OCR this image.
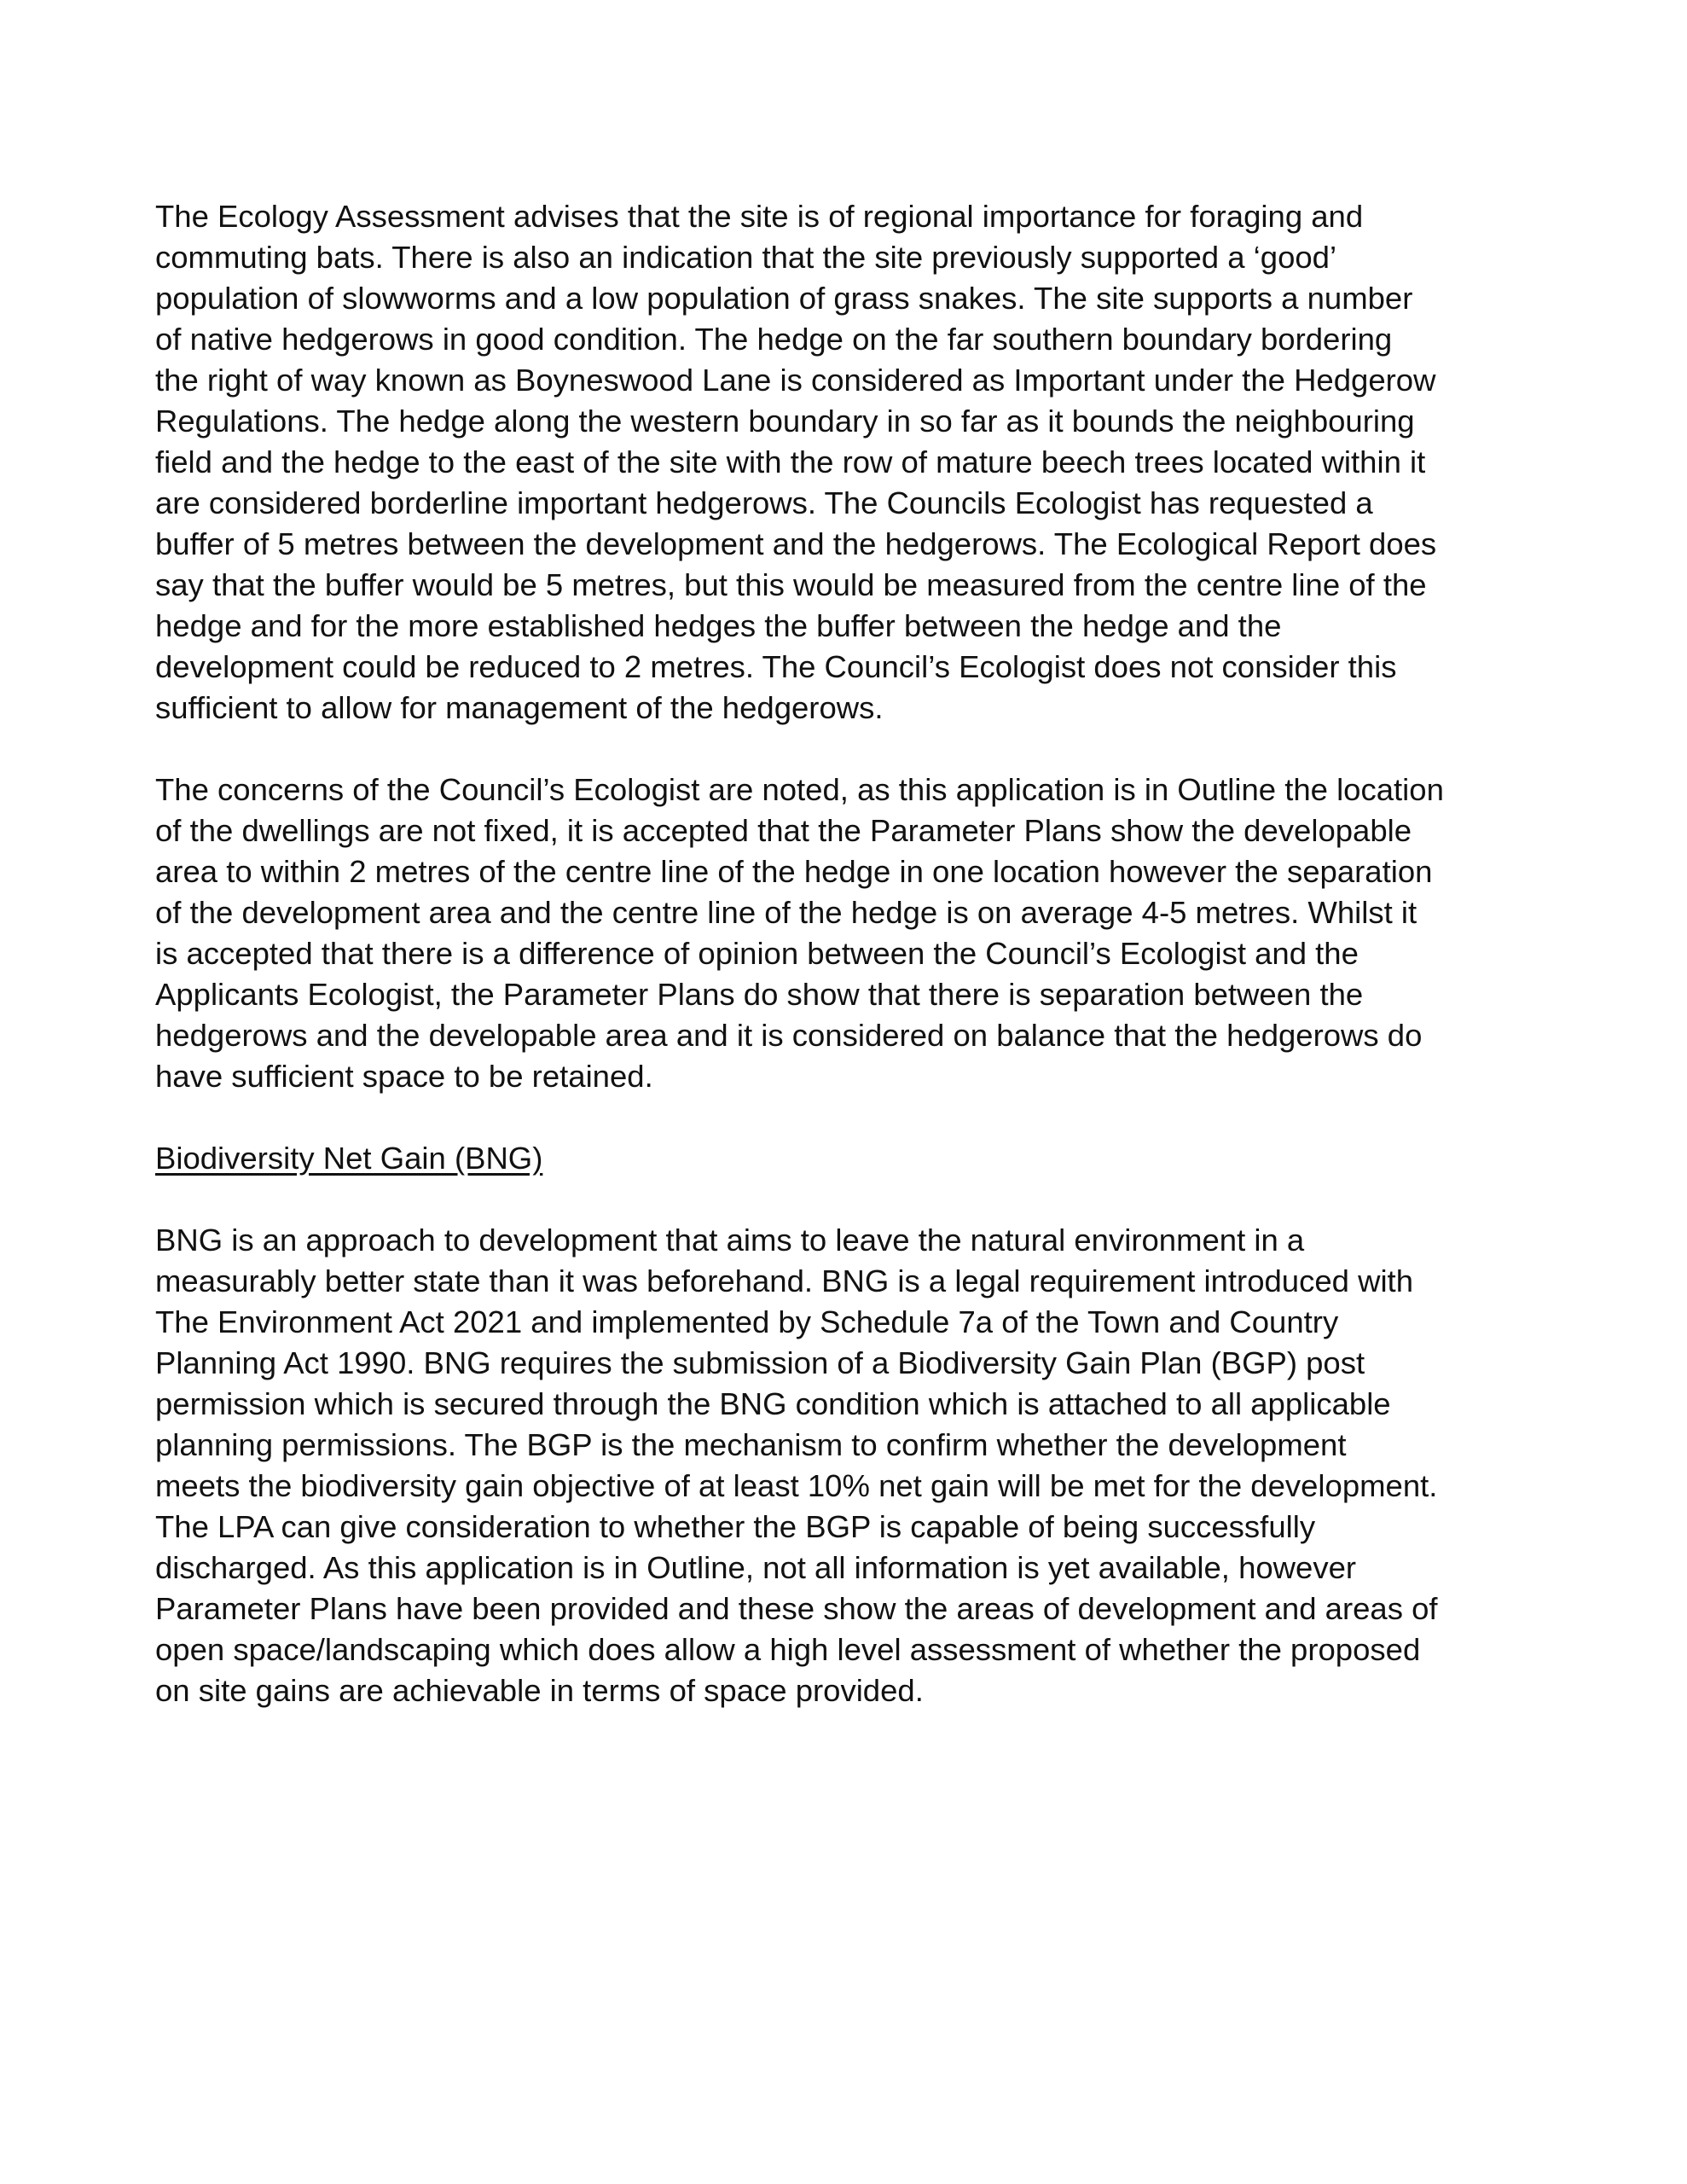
The Ecology Assessment advises that the site is of regional importance for foraging and
commuting bats. There is also an indication that the site previously supported a ‘good’
population of slowworms and a low population of grass snakes. The site supports a number
of native hedgerows in good condition. The hedge on the far southern boundary bordering
the right of way known as Boyneswood Lane is considered as Important under the Hedgerow
Regulations. The hedge along the western boundary in so far as it bounds the neighbouring
field and the hedge to the east of the site with the row of mature beech trees located within it
are considered borderline important hedgerows. The Councils Ecologist has requested a
buffer of 5 metres between the development and the hedgerows. The Ecological Report does
say that the buffer would be 5 metres, but this would be measured from the centre line of the
hedge and for the more established hedges the buffer between the hedge and the
development could be reduced to 2 metres. The Council’s Ecologist does not consider this
sufficient to allow for management of the hedgerows.

The concerns of the Council’s Ecologist are noted, as this application is in Outline the location
of the dwellings are not fixed, it is accepted that the Parameter Plans show the developable
area to within 2 metres of the centre line of the hedge in one location however the separation
of the development area and the centre line of the hedge is on average 4-5 metres. Whilst it
is accepted that there is a difference of opinion between the Council’s Ecologist and the
Applicants Ecologist, the Parameter Plans do show that there is separation between the
hedgerows and the developable area and it is considered on balance that the hedgerows do
have sufficient space to be retained.

Biodiversity Net Gain (BNG)

BNG is an approach to development that aims to leave the natural environment in a
measurably better state than it was beforehand. BNG is a legal requirement introduced with
The Environment Act 2021 and implemented by Schedule 7a of the Town and Country
Planning Act 1990. BNG requires the submission of a Biodiversity Gain Plan (BGP) post
permission which is secured through the BNG condition which is attached to all applicable
planning permissions. The BGP is the mechanism to confirm whether the development
meets the biodiversity gain objective of at least 10% net gain will be met for the development.
The LPA can give consideration to whether the BGP is capable of being successfully
discharged. As this application is in Outline, not all information is yet available, however
Parameter Plans have been provided and these show the areas of development and areas of
open space/landscaping which does allow a high level assessment of whether the proposed
on site gains are achievable in terms of space provided.
